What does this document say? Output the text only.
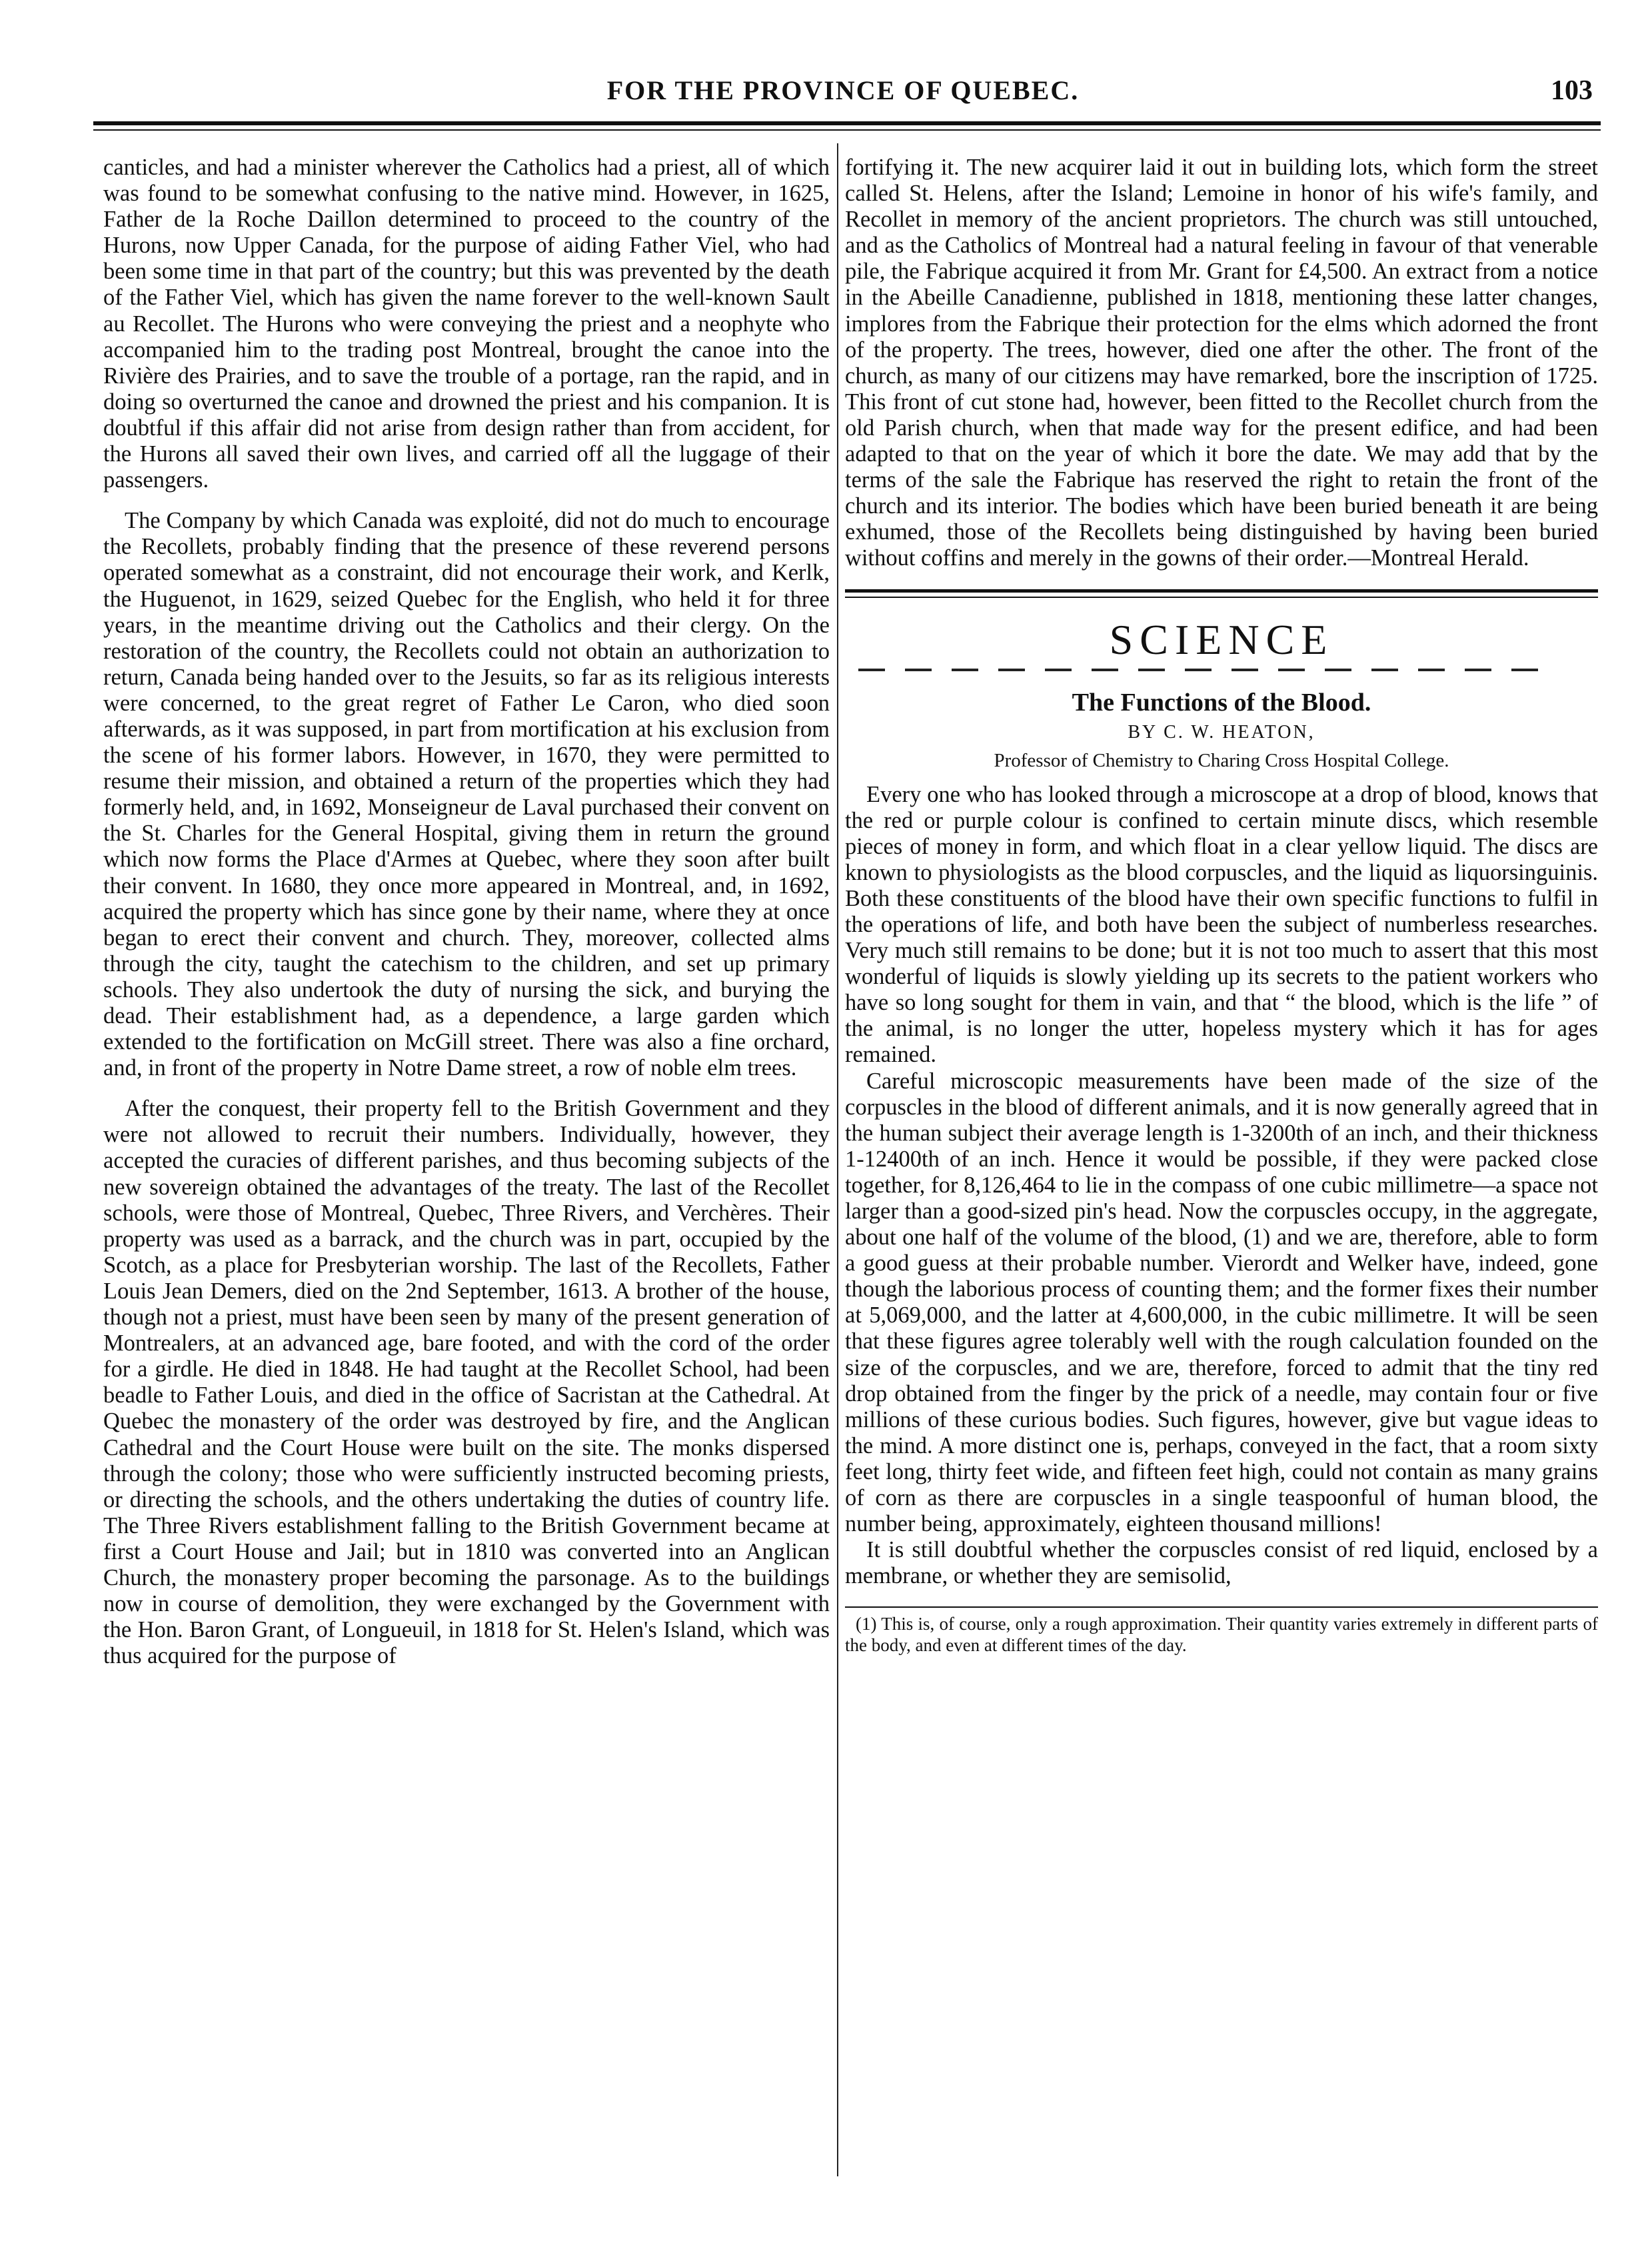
FOR THE PROVINCE OF QUEBEC.	103

canticles, and had a minister wherever the Catholics had a priest, all of which was found to be somewhat confusing to the native mind. However, in 1625, Father de la Roche Daillon determined to proceed to the country of the Hurons, now Upper Canada, for the purpose of aiding Father Viel, who had been some time in that part of the country; but this was prevented by the death of the Father Viel, which has given the name forever to the well-known Sault au Recollet. The Hurons who were conveying the priest and a neophyte who accompanied him to the trading post Montreal, brought the canoe into the Rivière des Prairies, and to save the trouble of a portage, ran the rapid, and in doing so overturned the canoe and drowned the priest and his companion. It is doubtful if this affair did not arise from design rather than from accident, for the Hurons all saved their own lives, and carried off all the luggage of their passengers.

The Company by which Canada was exploité, did not do much to encourage the Recollets, probably finding that the presence of these reverend persons operated somewhat as a constraint, did not encourage their work, and Kerlk, the Huguenot, in 1629, seized Quebec for the English, who held it for three years, in the meantime driving out the Catholics and their clergy. On the restoration of the country, the Recollets could not obtain an authorization to return, Canada being handed over to the Jesuits, so far as its religious interests were concerned, to the great regret of Father Le Caron, who died soon afterwards, as it was supposed, in part from mortification at his exclusion from the scene of his former labors. However, in 1670, they were permitted to resume their mission, and obtained a return of the properties which they had formerly held, and, in 1692, Monseigneur de Laval purchased their convent on the St. Charles for the General Hospital, giving them in return the ground which now forms the Place d'Armes at Quebec, where they soon after built their convent. In 1680, they once more appeared in Montreal, and, in 1692, acquired the property which has since gone by their name, where they at once began to erect their convent and church. They, moreover, collected alms through the city, taught the catechism to the children, and set up primary schools. They also undertook the duty of nursing the sick, and burying the dead. Their establishment had, as a dependence, a large garden which extended to the fortification on McGill street. There was also a fine orchard, and, in front of the property in Notre Dame street, a row of noble elm trees.

After the conquest, their property fell to the British Government and they were not allowed to recruit their numbers. Individually, however, they accepted the curacies of different parishes, and thus becoming subjects of the new sovereign obtained the advantages of the treaty. The last of the Recollet schools, were those of Montreal, Quebec, Three Rivers, and Verchères. Their property was used as a barrack, and the church was in part, occupied by the Scotch, as a place for Presbyterian worship. The last of the Recollets, Father Louis Jean Demers, died on the 2nd September, 1613. A brother of the house, though not a priest, must have been seen by many of the present generation of Montrealers, at an advanced age, bare footed, and with the cord of the order for a girdle. He died in 1848. He had taught at the Recollet School, had been beadle to Father Louis, and died in the office of Sacristan at the Cathedral. At Quebec the monastery of the order was destroyed by fire, and the Anglican Cathedral and the Court House were built on the site. The monks dispersed through the colony; those who were sufficiently instructed becoming priests, or directing the schools, and the others undertaking the duties of country life. The Three Rivers establishment falling to the British Government became at first a Court House and Jail; but in 1810 was converted into an Anglican Church, the monastery proper becoming the parsonage. As to the buildings now in course of demolition, they were exchanged by the Government with the Hon. Baron Grant, of Longueuil, in 1818 for St. Helen's Island, which was thus acquired for the purpose of

fortifying it. The new acquirer laid it out in building lots, which form the street called St. Helens, after the Island; Lemoine in honor of his wife's family, and Recollet in memory of the ancient proprietors. The church was still untouched, and as the Catholics of Montreal had a natural feeling in favour of that venerable pile, the Fabrique acquired it from Mr. Grant for £4,500. An extract from a notice in the Abeille Canadienne, published in 1818, mentioning these latter changes, implores from the Fabrique their protection for the elms which adorned the front of the property. The trees, however, died one after the other. The front of the church, as many of our citizens may have remarked, bore the inscription of 1725. This front of cut stone had, however, been fitted to the Recollet church from the old Parish church, when that made way for the present edifice, and had been adapted to that on the year of which it bore the date. We may add that by the terms of the sale the Fabrique has reserved the right to retain the front of the church and its interior. The bodies which have been buried beneath it are being exhumed, those of the Recollets being distinguished by having been buried without coffins and merely in the gowns of their order.—Montreal Herald.

SCIENCE
The Functions of the Blood.
BY C. W. HEATON,
Professor of Chemistry to Charing Cross Hospital College.

Every one who has looked through a microscope at a drop of blood, knows that the red or purple colour is confined to certain minute discs, which resemble pieces of money in form, and which float in a clear yellow liquid. The discs are known to physiologists as the blood corpuscles, and the liquid as liquorsinguinis. Both these constituents of the blood have their own specific functions to fulfil in the operations of life, and both have been the subject of numberless researches. Very much still remains to be done; but it is not too much to assert that this most wonderful of liquids is slowly yielding up its secrets to the patient workers who have so long sought for them in vain, and that “ the blood, which is the life ” of the animal, is no longer the utter, hopeless mystery which it has for ages remained.

Careful microscopic measurements have been made of the size of the corpuscles in the blood of different animals, and it is now generally agreed that in the human subject their average length is 1-3200th of an inch, and their thickness 1-12400th of an inch. Hence it would be possible, if they were packed close together, for 8,126,464 to lie in the compass of one cubic millimetre—a space not larger than a good-sized pin's head. Now the corpuscles occupy, in the aggregate, about one half of the volume of the blood, (1) and we are, therefore, able to form a good guess at their probable number. Vierordt and Welker have, indeed, gone though the laborious process of counting them; and the former fixes their number at 5,069,000, and the latter at 4,600,000, in the cubic millimetre. It will be seen that these figures agree tolerably well with the rough calculation founded on the size of the corpuscles, and we are, therefore, forced to admit that the tiny red drop obtained from the finger by the prick of a needle, may contain four or five millions of these curious bodies. Such figures, however, give but vague ideas to the mind. A more distinct one is, perhaps, conveyed in the fact, that a room sixty feet long, thirty feet wide, and fifteen feet high, could not contain as many grains of corn as there are corpuscles in a single teaspoonful of human blood, the number being, approximately, eighteen thousand millions!

It is still doubtful whether the corpuscles consist of red liquid, enclosed by a membrane, or whether they are semisolid,

(1) This is, of course, only a rough approximation. Their quantity varies extremely in different parts of the body, and even at different times of the day.
